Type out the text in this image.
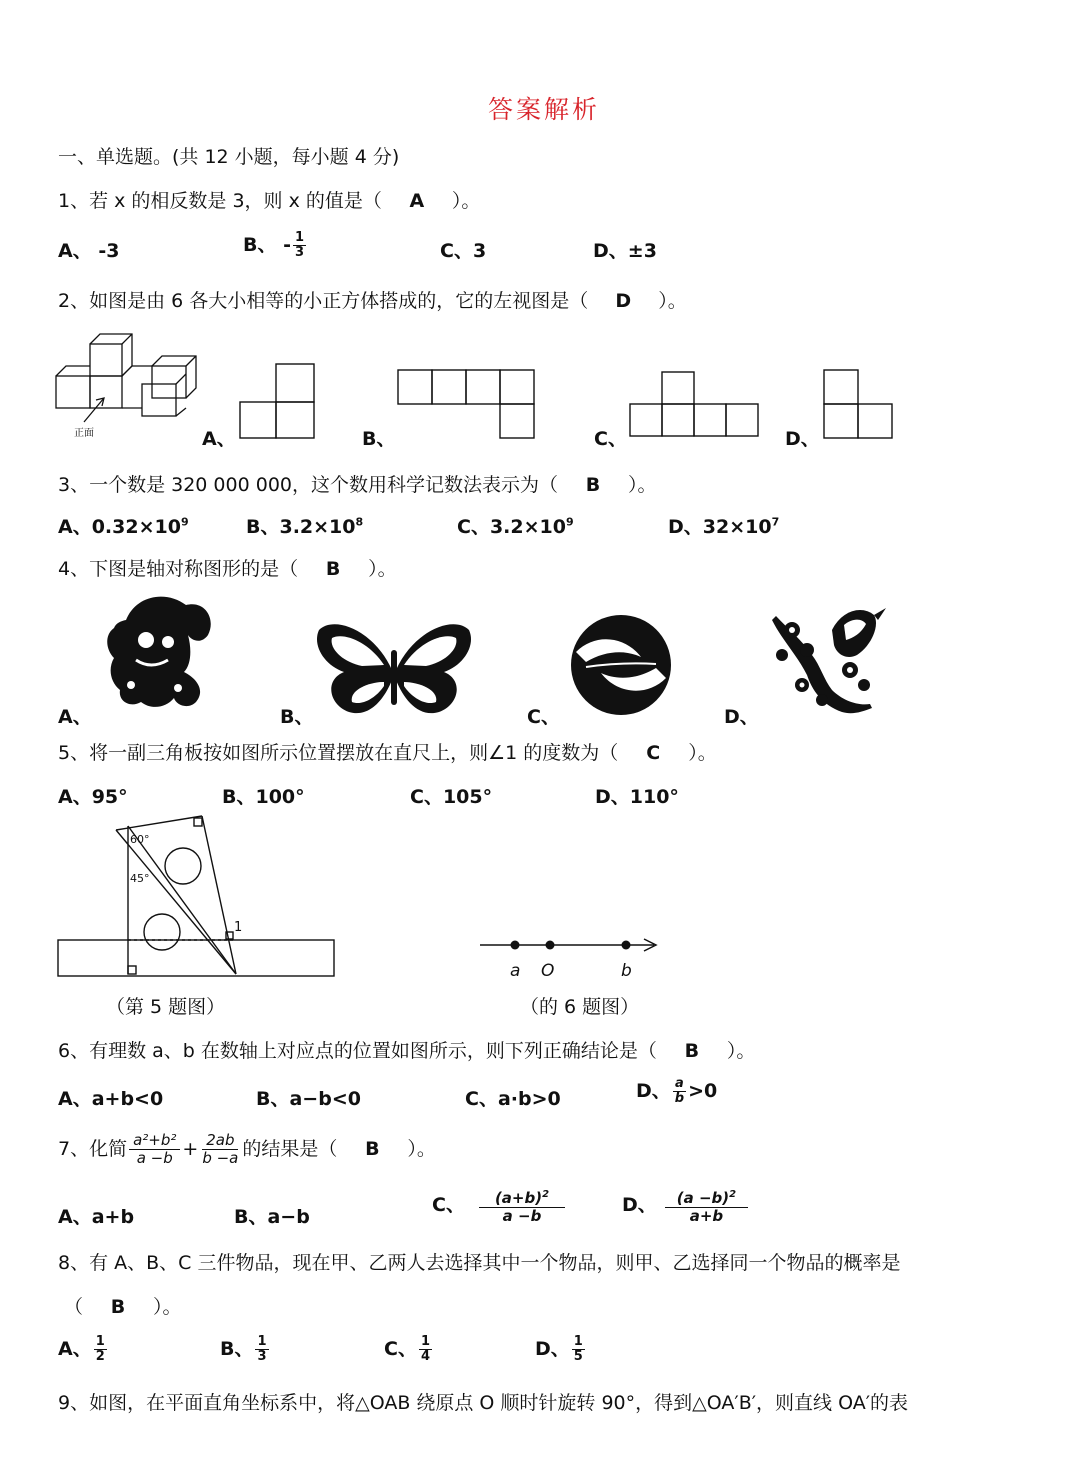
答案解析
一、单选题。(共 12 小题，每小题 4 分)
1、若 x 的相反数是 3，则 x 的值是（ A ）。
A、 -3	B、 - $\frac{1}{3}$	C、3	D、±3
2、如图是由 6 各大小相等的小正方体搭成的，它的左视图是（ D ）。
正面	A、	B、	C、	D、
3、一个数是 320 000 000，这个数用科学记数法表示为（ B ）。
A、$0.32\times 10^9$	B、$3.2\times 10^8$	C、$3.2\times 10^9$	D、$32\times 10^7$
4、下图是轴对称图形的是（ B ）。
A、	B、	C、	D、
5、将一副三角板按如图所示位置摆放在直尺上，则∠1 的度数为（ C ）。
A、95°	B、100°	C、105°	D、110°
60°
45°
1
（第 5 题图）
a O	b
（的 6 题图）
6、有理数 a、b 在数轴上对应点的位置如图所示，则下列正确结论是（ B ）。
A、a+b<0	B、a−b<0	C、a·b>0	D、 $\frac{a}{b} >0$
7、化简 $\frac{\text{a²+b²}}{a -b} + \frac{2ab}{b -a}$ 的结果是（ B ）。
A、a+b	B、a−b
C、 $\frac{(a+b)^2}{a -b}$	D、 $\frac{(a -b)^2}{a+b}$
8、有 A、B、C 三件物品，现在甲、乙两人去选择其中一个物品，则甲、乙选择同一个物品的概率是
（ B ）。
A、 $\frac{1}{2}$	B、 $\frac{1}{3}$	C、 $\frac{1}{4}$	D、 $\frac{1}{5}$
9、如图，在平面直角坐标系中，将△OAB 绕原点 O 顺时针旋转 90°，得到△OA′B′，则直线 OA′的表
